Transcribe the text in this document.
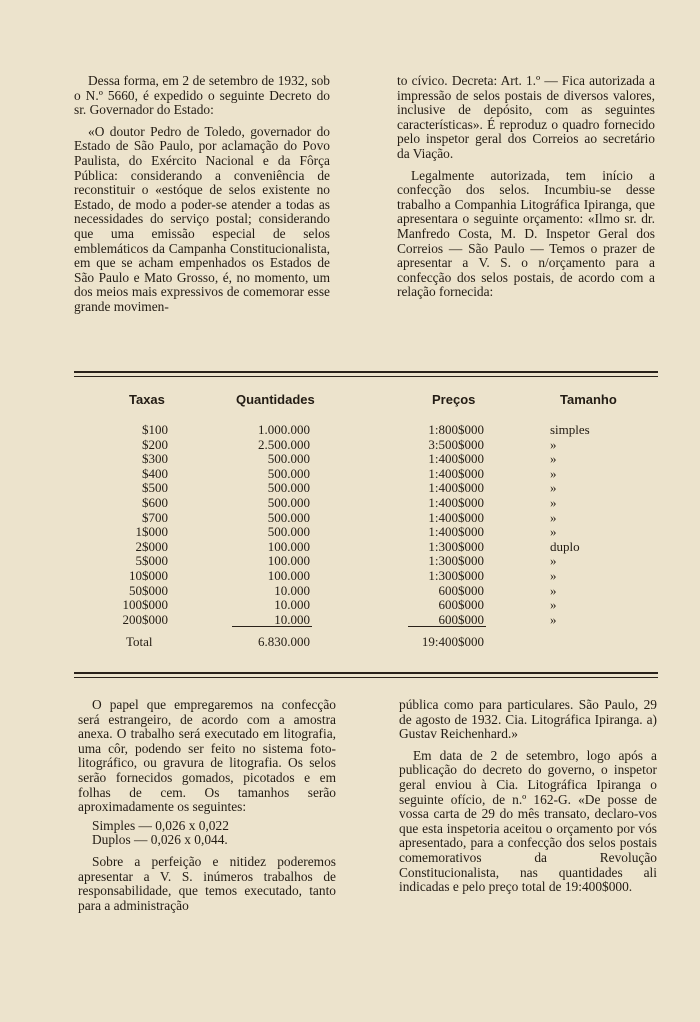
Dessa forma, em 2 de setembro de 1932, sob o N.º 5660, é expedido o seguinte Decreto do sr. Governador do Estado:

«O doutor Pedro de Toledo, governador do Estado de São Paulo, por aclamação do Povo Paulista, do Exército Nacional e da Fôrça Pública: considerando a conveniência de reconstituir o «estóque de selos existente no Estado, de modo a poder-se atender a todas as necessidades do serviço postal; considerando que uma emissão especial de selos emblemáticos da Campanha Constitucionalista, em que se acham empenhados os Estados de São Paulo e Mato Grosso, é, no momento, um dos meios mais expressivos de comemorar esse grande movimen-

to cívico. Decreta: Art. 1.º — Fica autorizada a impressão de selos postais de diversos valores, inclusive de depósito, com as seguintes características». É reproduz o quadro fornecido pelo inspetor geral dos Correios ao secretário da Viação.

Legalmente autorizada, tem início a confecção dos selos. Incumbiu-se desse trabalho a Companhia Litográfica Ipiranga, que apresentara o seguinte orçamento: «Ilmo sr. dr. Manfredo Costa, M. D. Inspetor Geral dos Correios — São Paulo — Temos o prazer de apresentar a V. S. o n/orçamento para a confecção dos selos postais, de acordo com a relação fornecida:

Taxas	Quantidades	Preços	Tamanho
$100	1.000.000	1:800$000	simples
$200	2.500.000	3:500$000	»
$300	500.000	1:400$000	»
$400	500.000	1:400$000	»
$500	500.000	1:400$000	»
$600	500.000	1:400$000	»
$700	500.000	1:400$000	»
1$000	500.000	1:400$000	»
2$000	100.000	1:300$000	duplo
5$000	100.000	1:300$000	»
10$000	100.000	1:300$000	»
50$000	10.000	600$000	»
100$000	10.000	600$000	»
200$000	10.000	600$000	»
Total	6.830.000	19:400$000

O papel que empregaremos na confecção será estrangeiro, de acordo com a amostra anexa. O trabalho será executado em litografia, uma côr, podendo ser feito no sistema foto-litográfico, ou gravura de litografia. Os selos serão fornecidos gomados, picotados e em folhas de cem. Os tamanhos serão aproximadamente os seguintes:

Simples — 0,026 x 0,022
Duplos — 0,026 x 0,044.

Sobre a perfeição e nitidez poderemos apresentar a V. S. inúmeros trabalhos de responsabilidade, que temos executado, tanto para a administração

pública como para particulares. São Paulo, 29 de agosto de 1932. Cia. Litográfica Ipiranga. a) Gustav Reichenhard.»

Em data de 2 de setembro, logo após a publicação do decreto do governo, o inspetor geral enviou à Cia. Litográfica Ipiranga o seguinte ofício, de n.º 162-G. «De posse de vossa carta de 29 do mês transato, declaro-vos que esta inspetoria aceitou o orçamento por vós apresentado, para a confecção dos selos postais comemorativos da Revolução Constitucionalista, nas quantidades ali indicadas e pelo preço total de 19:400$000.
